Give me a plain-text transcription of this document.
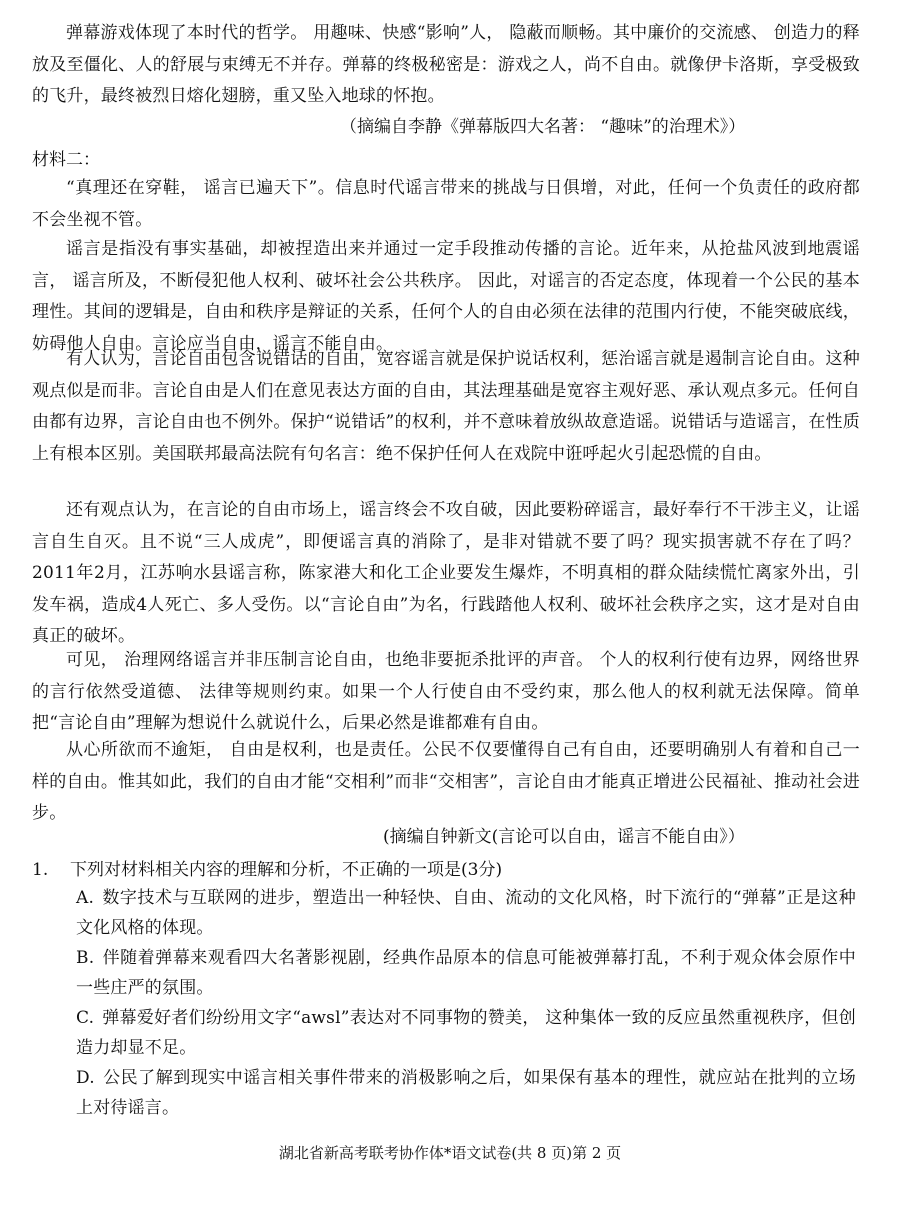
弹幕游戏体现了本时代的哲学。 用趣味、快感“影响”人， 隐蔽而顺畅。其中廉价的交流感、 创造力的释放及至僵化、人的舒展与束缚无不并存。弹幕的终极秘密是：游戏之人，尚不自由。就像伊卡洛斯，享受极致的飞升，最终被烈日熔化翅膀，重又坠入地球的怀抱。

（摘编自李静《弹幕版四大名著： “趣味”的治理术》）
材料二：

“真理还在穿鞋， 谣言已遍天下”。信息时代谣言带来的挑战与日俱增，对此，任何一个负责任的政府都不会坐视不管。

谣言是指没有事实基础，却被捏造出来并通过一定手段推动传播的言论。近年来，从抢盐风波到地震谣言， 谣言所及，不断侵犯他人权利、破坏社会公共秩序。 因此，对谣言的否定态度，体现着一个公民的基本理性。其间的逻辑是，自由和秩序是辩证的关系，任何个人的自由必须在法律的范围内行使，不能突破底线，妨碍他人自由。言论应当自由，谣言不能自由。

有人认为，言论自由包含说错话的自由，宽容谣言就是保护说话权利，惩治谣言就是遏制言论自由。这种观点似是而非。言论自由是人们在意见表达方面的自由，其法理基础是宽容主观好恶、承认观点多元。任何自由都有边界，言论自由也不例外。保护“说错话”的权利，并不意味着放纵故意造谣。说错话与造谣言，在性质上有根本区别。美国联邦最高法院有句名言：绝不保护任何人在戏院中诳呼起火引起恐慌的自由。

还有观点认为，在言论的自由市场上，谣言终会不攻自破，因此要粉碎谣言，最好奉行不干涉主义，让谣言自生自灭。且不说“三人成虎”，即便谣言真的消除了，是非对错就不要了吗？现实损害就不存在了吗？2011年2月，江苏响水县谣言称，陈家港大和化工企业要发生爆炸，不明真相的群众陆续慌忙离家外出，引发车祸，造成4人死亡、多人受伤。以“言论自由”为名，行践踏他人权利、破坏社会秩序之实，这才是对自由真正的破坏。

可见， 治理网络谣言并非压制言论自由，也绝非要扼杀批评的声音。 个人的权利行使有边界，网络世界的言行依然受道德、 法律等规则约束。如果一个人行使自由不受约束，那么他人的权利就无法保障。简单把“言论自由”理解为想说什么就说什么，后果必然是谁都难有自由。

从心所欲而不逾矩， 自由是权利，也是责任。公民不仅要懂得自己有自由，还要明确别人有着和自己一样的自由。惟其如此，我们的自由才能“交相利”而非“交相害”，言论自由才能真正增进公民福祉、推动社会进步。

(摘编自钟新文(言论可以自由，谣言不能自由》）
1. 下列对材料相关内容的理解和分析，不正确的一项是(3分)
A. 数字技术与互联网的进步，塑造出一种轻快、自由、流动的文化风格，时下流行的“弹幕”正是这种文化风格的体现。
B. 伴随着弹幕来观看四大名著影视剧，经典作品原本的信息可能被弹幕打乱，不利于观众体会原作中一些庄严的氛围。
C. 弹幕爱好者们纷纷用文字“awsl”表达对不同事物的赞美， 这种集体一致的反应虽然重视秩序，但创造力却显不足。
D. 公民了解到现实中谣言相关事件带来的消极影响之后，如果保有基本的理性，就应站在批判的立场上对待谣言。
湖北省新高考联考协作体*语文试卷(共 8 页)第 2 页
